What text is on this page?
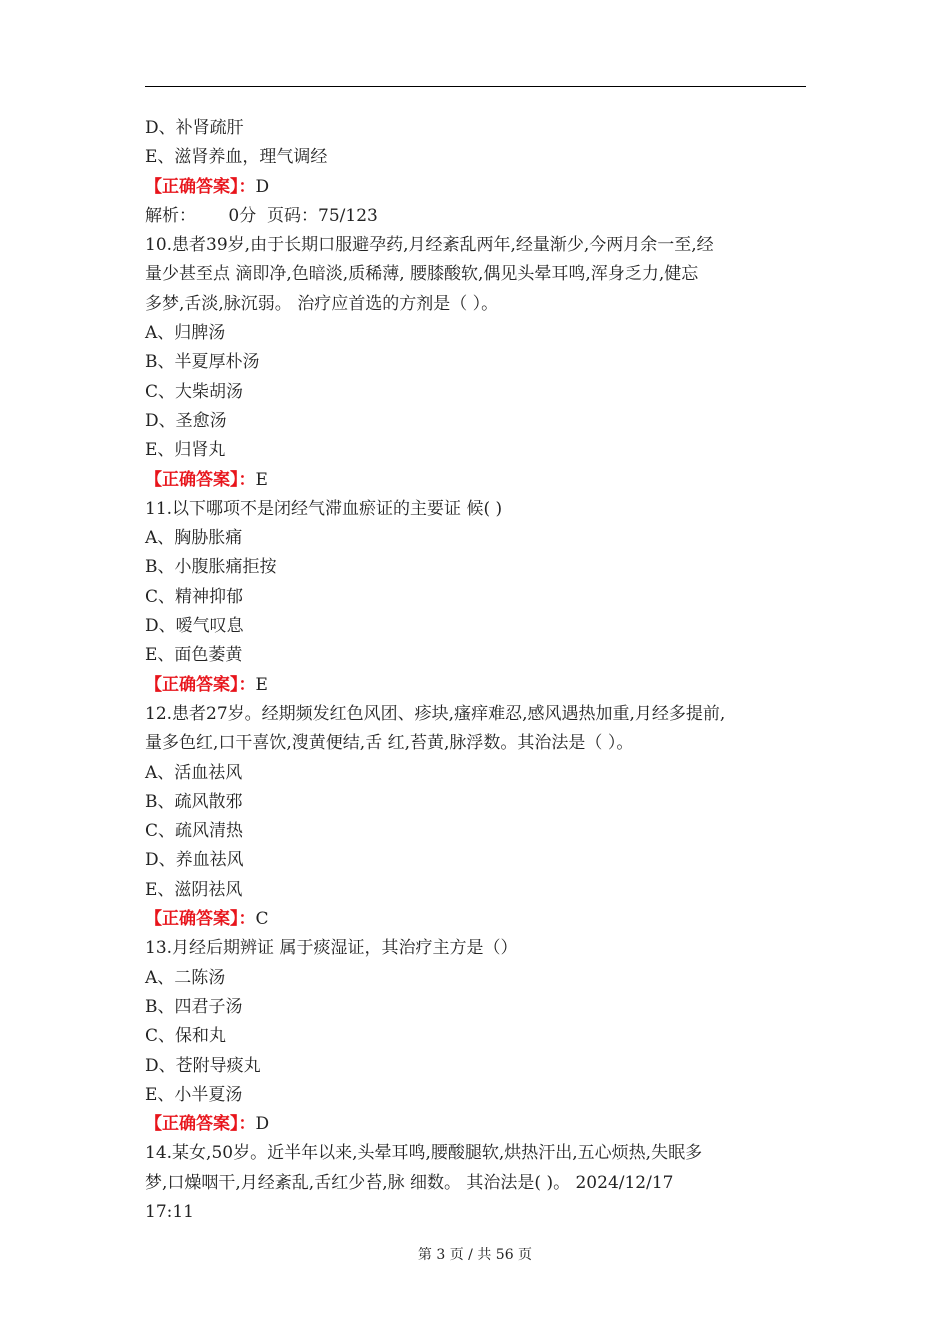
D、补肾疏肝
E、滋肾养血，理气调经
【正确答案】：D
解析：      0分  页码：75/123
10.患者39岁,由于长期口服避孕药,月经紊乱两年,经量渐少,今两月余一至,经
量少甚至点 滴即净,色暗淡,质稀薄, 腰膝酸软,偶见头晕耳鸣,浑身乏力,健忘
多梦,舌淡,脉沉弱。 治疗应首选的方剂是（ ）。
A、归脾汤
B、半夏厚朴汤
C、大柴胡汤
D、圣愈汤
E、归肾丸
【正确答案】：E
11.以下哪项不是闭经气滞血瘀证的主要证 候( )
A、胸胁胀痛
B、小腹胀痛拒按
C、精神抑郁
D、嗳气叹息
E、面色萎黄
【正确答案】：E
12.患者27岁。经期频发红色风团、疹块,瘙痒难忍,感风遇热加重,月经多提前,
量多色红,口干喜饮,溲黄便结,舌 红,苔黄,脉浮数。其治法是（ ）。
A、活血祛风
B、疏风散邪
C、疏风清热
D、养血祛风
E、滋阴祛风
【正确答案】：C
13.月经后期辨证 属于痰湿证，其治疗主方是（）
A、二陈汤
B、四君子汤
C、保和丸
D、苍附导痰丸
E、小半夏汤
【正确答案】：D
14.某女,50岁。近半年以来,头晕耳鸣,腰酸腿软,烘热汗出,五心烦热,失眠多
梦,口燥咽干,月经紊乱,舌红少苔,脉 细数。 其治法是( )。 2024/12/17
17:11
第 3 页 / 共 56 页
